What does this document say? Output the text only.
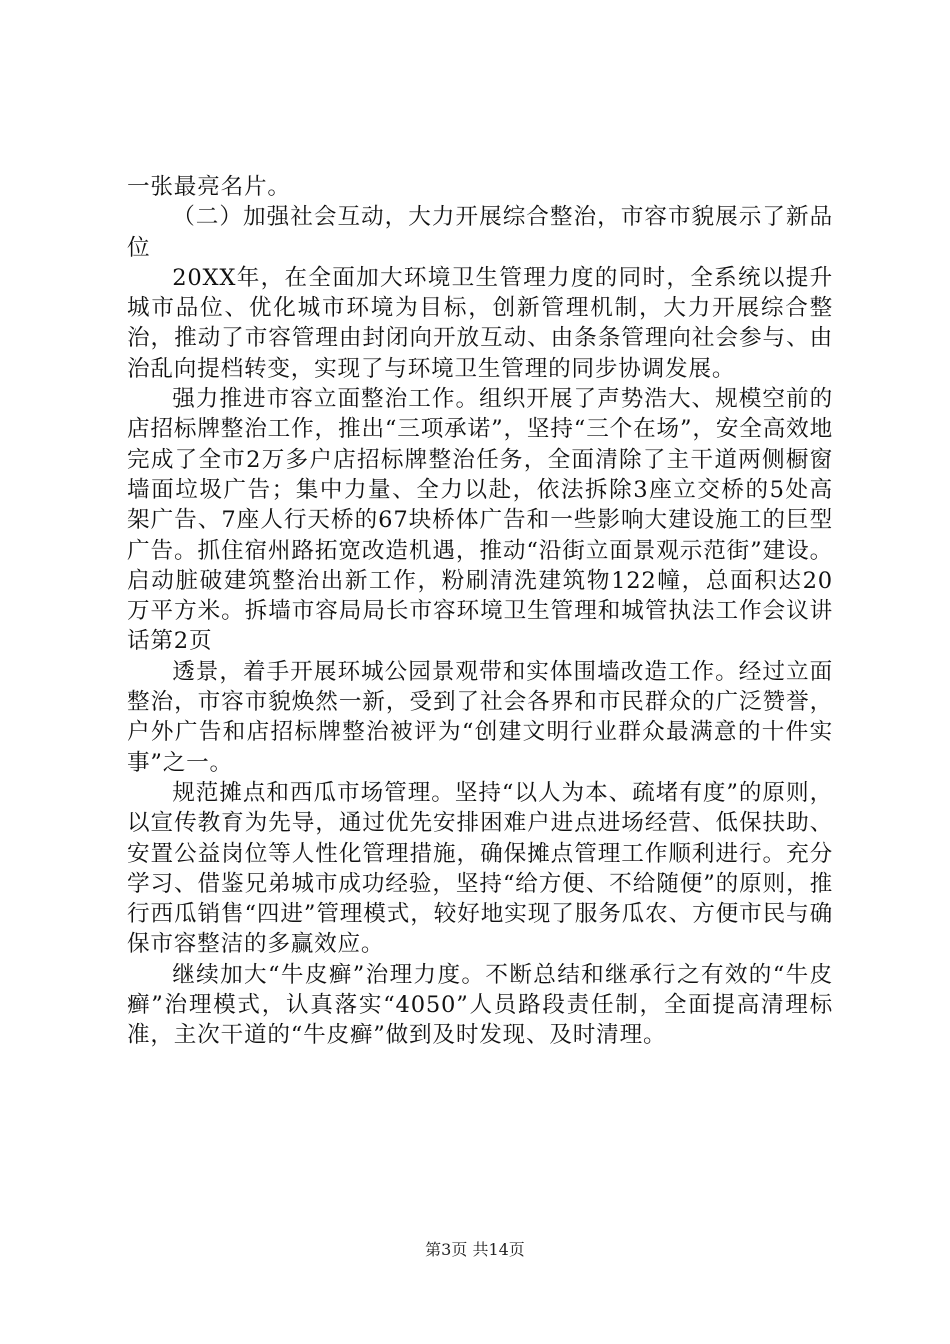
一张最亮名片。

（二）加强社会互动，大力开展综合整治，市容市貌展示了新品位

20XX年，在全面加大环境卫生管理力度的同时，全系统以提升城市品位、优化城市环境为目标，创新管理机制，大力开展综合整治，推动了市容管理由封闭向开放互动、由条条管理向社会参与、由治乱向提档转变，实现了与环境卫生管理的同步协调发展。

强力推进市容立面整治工作。组织开展了声势浩大、规模空前的店招标牌整治工作，推出“三项承诺”，坚持“三个在场”，安全高效地完成了全市2万多户店招标牌整治任务，全面清除了主干道两侧橱窗墙面垃圾广告；集中力量、全力以赴，依法拆除3座立交桥的5处高架广告、7座人行天桥的67块桥体广告和一些影响大建设施工的巨型广告。抓住宿州路拓宽改造机遇，推动“沿街立面景观示范街”建设。启动脏破建筑整治出新工作，粉刷清洗建筑物122幢，总面积达20万平方米。拆墙市容局局长市容环境卫生管理和城管执法工作会议讲话第2页

透景，着手开展环城公园景观带和实体围墙改造工作。经过立面整治，市容市貌焕然一新，受到了社会各界和市民群众的广泛赞誉，户外广告和店招标牌整治被评为“创建文明行业群众最满意的十件实事”之一。

规范摊点和西瓜市场管理。坚持“以人为本、疏堵有度”的原则，以宣传教育为先导，通过优先安排困难户进点进场经营、低保扶助、安置公益岗位等人性化管理措施，确保摊点管理工作顺利进行。充分学习、借鉴兄弟城市成功经验，坚持“给方便、不给随便”的原则，推行西瓜销售“四进”管理模式，较好地实现了服务瓜农、方便市民与确保市容整洁的多赢效应。

继续加大“牛皮癣”治理力度。不断总结和继承行之有效的“牛皮癣”治理模式，认真落实“4050”人员路段责任制，全面提高清理标准，主次干道的“牛皮癣”做到及时发现、及时清理。

第3页 共14页
